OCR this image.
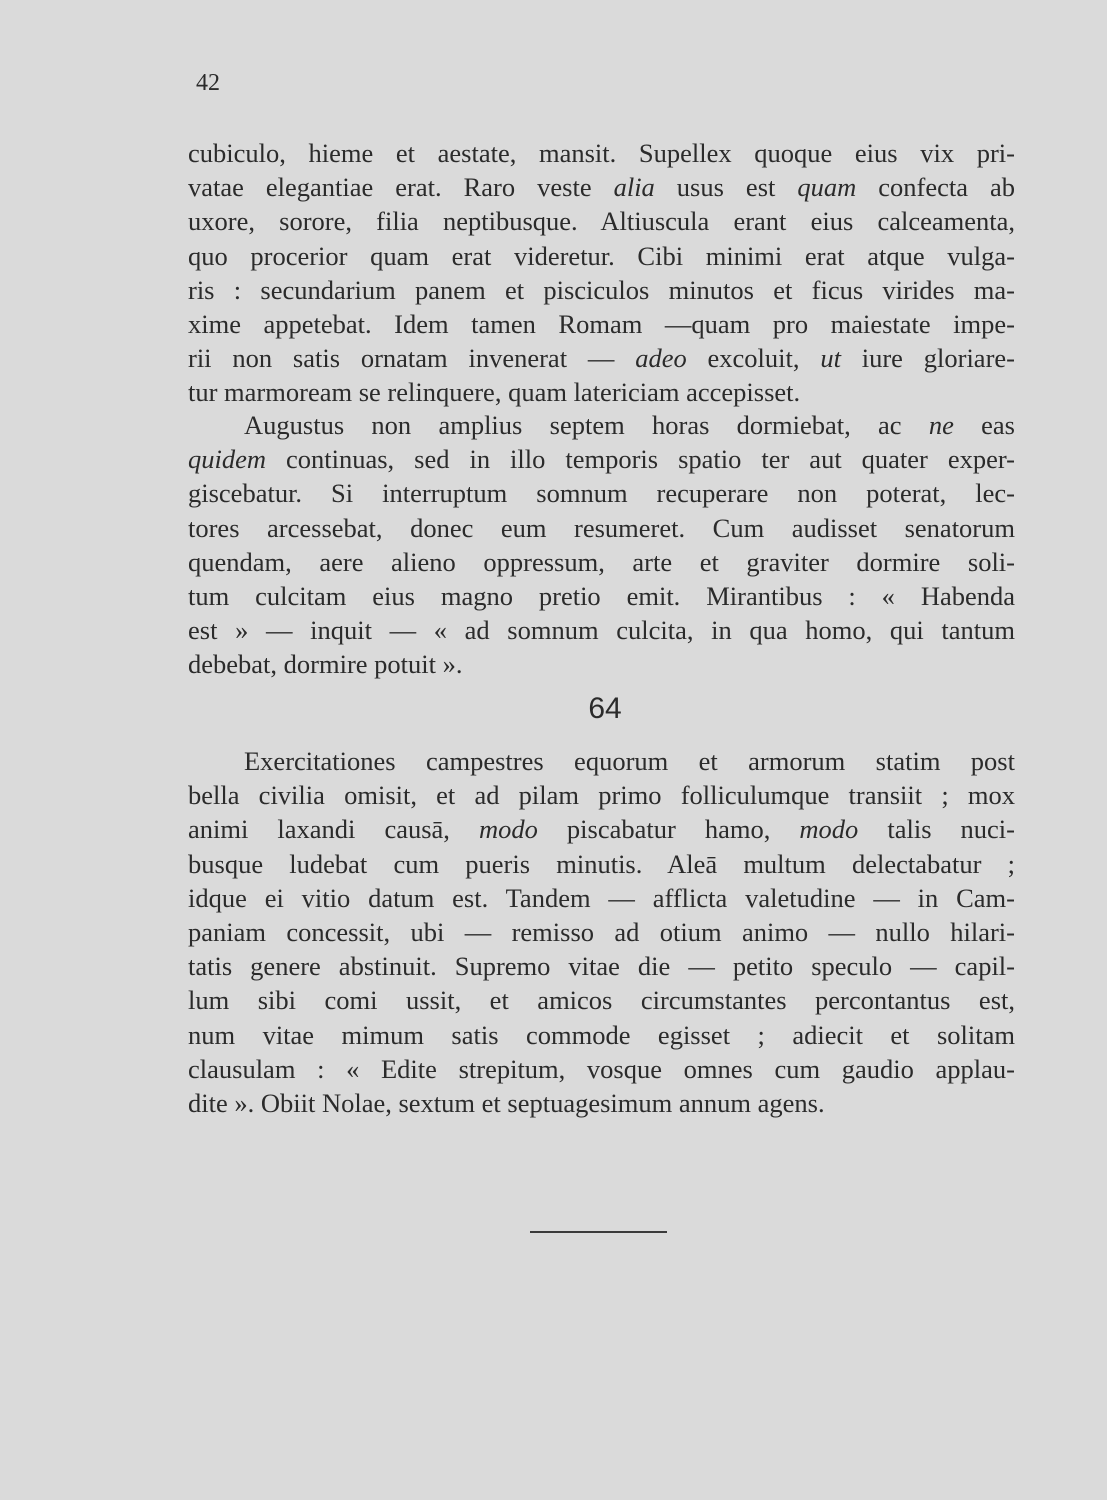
42
cubiculo, hieme et aestate, mansit. Supellex quoque eius vix pri-
vatae elegantiae erat. Raro veste alia usus est quam confecta ab
uxore, sorore, filia neptibusque. Altiuscula erant eius calceamenta,
quo procerior quam erat videretur. Cibi minimi erat atque vulga-
ris : secundarium panem et pisciculos minutos et ficus virides ma-
xime appetebat. Idem tamen Romam —quam pro maiestate impe-
rii non satis ornatam invenerat — adeo excoluit, ut iure gloriare-
tur marmoream se relinquere, quam latericiam accepisset.
Augustus non amplius septem horas dormiebat, ac ne eas
quidem continuas, sed in illo temporis spatio ter aut quater exper-
giscebatur. Si interruptum somnum recuperare non poterat, lec-
tores arcessebat, donec eum resumeret. Cum audisset senatorum
quendam, aere alieno oppressum, arte et graviter dormire soli-
tum culcitam eius magno pretio emit. Mirantibus : « Habenda
est » — inquit — « ad somnum culcita, in qua homo, qui tantum
debebat, dormire potuit ».
64
Exercitationes campestres equorum et armorum statim post
bella civilia omisit, et ad pilam primo folliculumque transiit ; mox
animi laxandi causā, modo piscabatur hamo, modo talis nuci-
busque ludebat cum pueris minutis. Aleā multum delectabatur ;
idque ei vitio datum est. Tandem — afflicta valetudine — in Cam-
paniam concessit, ubi — remisso ad otium animo — nullo hilari-
tatis genere abstinuit. Supremo vitae die — petito speculo — capil-
lum sibi comi ussit, et amicos circumstantes percontantus est,
num vitae mimum satis commode egisset ; adiecit et solitam
clausulam : « Edite strepitum, vosque omnes cum gaudio applau-
dite ». Obiit Nolae, sextum et septuagesimum annum agens.
